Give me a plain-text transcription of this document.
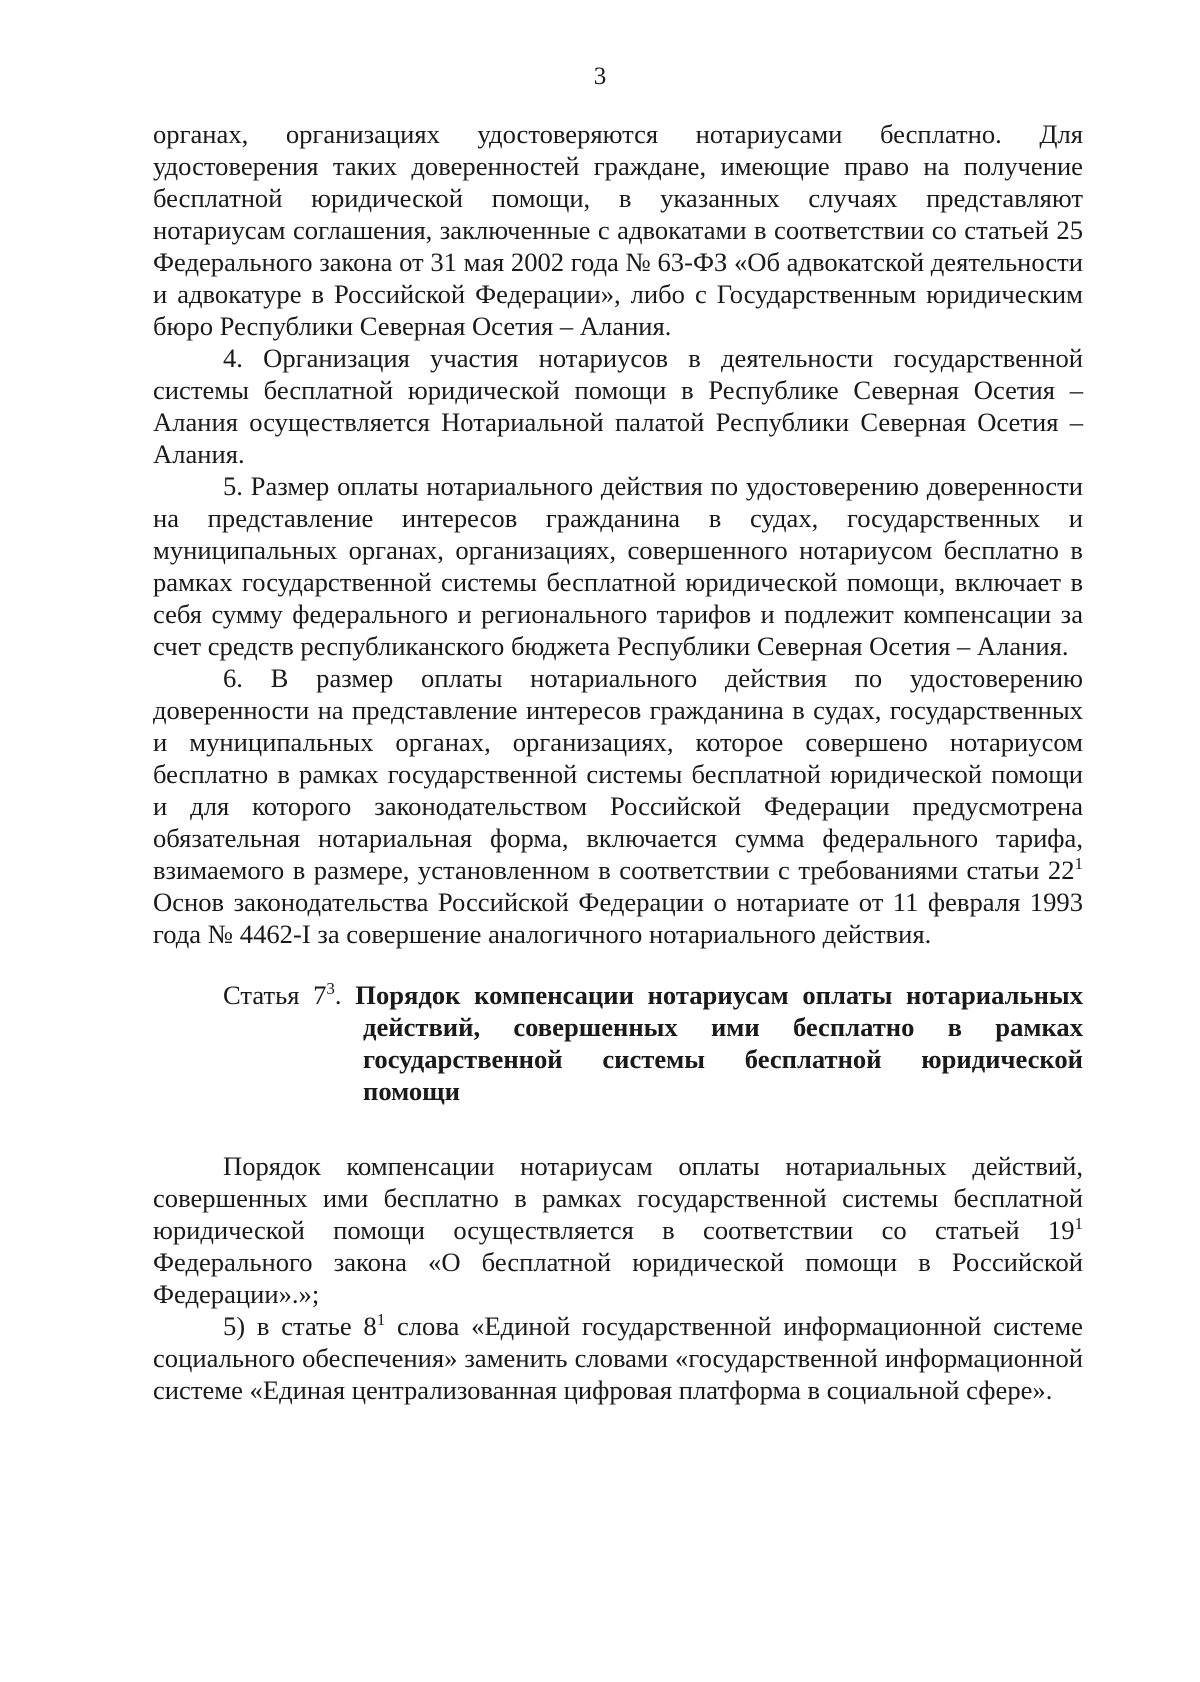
3

органах, организациях удостоверяются нотариусами бесплатно. Для удостоверения таких доверенностей граждане, имеющие право на получение бесплатной юридической помощи, в указанных случаях представляют нотариусам соглашения, заключенные с адвокатами в соответствии со статьей 25 Федерального закона от 31 мая 2002 года № 63-ФЗ «Об адвокатской деятельности и адвокатуре в Российской Федерации», либо с Государственным юридическим бюро Республики Северная Осетия – Алания.

4. Организация участия нотариусов в деятельности государственной системы бесплатной юридической помощи в Республике Северная Осетия – Алания осуществляется Нотариальной палатой Республики Северная Осетия – Алания.

5. Размер оплаты нотариального действия по удостоверению доверенности на представление интересов гражданина в судах, государственных и муниципальных органах, организациях, совершенного нотариусом бесплатно в рамках государственной системы бесплатной юридической помощи, включает в себя сумму федерального и регионального тарифов и подлежит компенсации за счет средств республиканского бюджета Республики Северная Осетия – Алания.

6. В размер оплаты нотариального действия по удостоверению доверенности на представление интересов гражданина в судах, государственных и муниципальных органах, организациях, которое совершено нотариусом бесплатно в рамках государственной системы бесплатной юридической помощи и для которого законодательством Российской Федерации предусмотрена обязательная нотариальная форма, включается сумма федерального тарифа, взимаемого в размере, установленном в соответствии с требованиями статьи $22^1$ Основ законодательства Российской Федерации о нотариате от 11 февраля 1993 года № 4462-I за совершение аналогичного нотариального действия.

Статья $7^3$. Порядок компенсации нотариусам оплаты нотариальных действий, совершенных ими бесплатно в рамках государственной системы бесплатной юридической помощи

Порядок компенсации нотариусам оплаты нотариальных действий, совершенных ими бесплатно в рамках государственной системы бесплатной юридической помощи осуществляется в соответствии со статьей $19^1$ Федерального закона «О бесплатной юридической помощи в Российской Федерации».»;

5) в статье $8^1$ слова «Единой государственной информационной системе социального обеспечения» заменить словами «государственной информационной системе «Единая централизованная цифровая платформа в социальной сфере».
